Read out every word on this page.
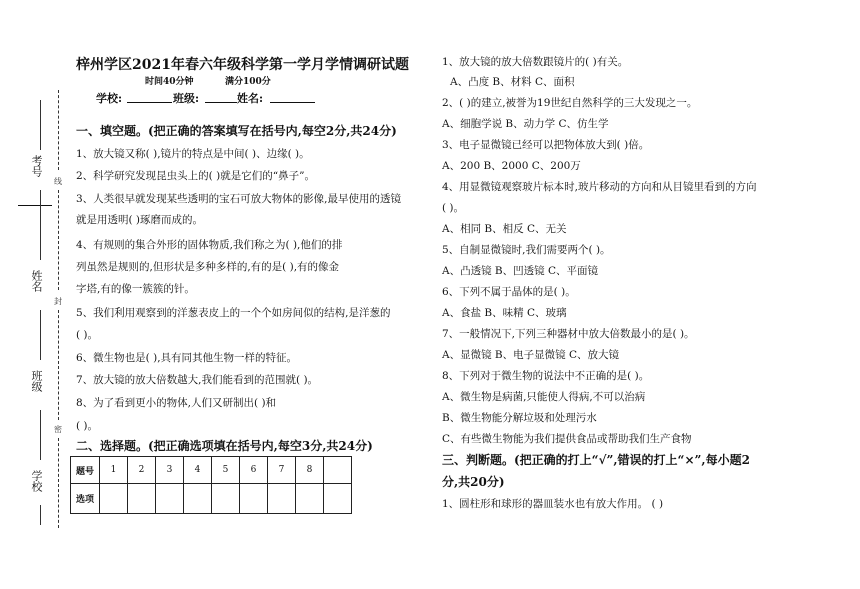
考号
姓名
班级
学校
线
封
密
梓州学区2021年春六年级科学第一学月学情调研试题
时间40分钟	满分100分
学校:	班级:	姓名:
一、填空题。(把正确的答案填写在括号内,每空2分,共24分)
1、放大镜又称( ),镜片的特点是中间( )、边缘( )。
2、科学研究发现昆虫头上的( )就是它们的“鼻子”。
3、人类很早就发现某些透明的宝石可放大物体的影像,最早使用的透镜
就是用透明( )琢磨而成的。
4、有规则的集合外形的固体物质,我们称之为( ),他们的排
列虽然是规则的,但形状是多种多样的,有的是( ),有的像金
字塔,有的像一簇簇的针。
5、我们利用观察到的洋葱表皮上的一个个如房间似的结构,是洋葱的
( )。
6、微生物也是( ),具有同其他生物一样的特征。
7、放大镜的放大倍数越大,我们能看到的范围就( )。
8、为了看到更小的物体,人们又研制出( )和
( )。
二、选择题。(把正确选项填在括号内,每空3分,共24分)
题号	1	2	3	4	5	6	7	8	
选项									
1、放大镜的放大倍数跟镜片的( )有关。
A、凸度 B、材料 C、面积
2、( )的建立,被誉为19世纪自然科学的三大发现之一。
A、细胞学说 B、动力学 C、仿生学
3、电子显微镜已经可以把物体放大到( )倍。
A、200 B、2000 C、200万
4、用显微镜观察玻片标本时,玻片移动的方向和从目镜里看到的方向
( )。
A、相同 B、相反 C、无关
5、自制显微镜时,我们需要两个( )。
A、凸透镜 B、凹透镜 C、平面镜
6、下列不属于晶体的是( )。
A、食盐 B、味精 C、玻璃
7、一般情况下,下列三种器材中放大倍数最小的是( )。
A、显微镜 B、电子显微镜 C、放大镜
8、下列对于微生物的说法中不正确的是( )。
A、微生物是病菌,只能使人得病,不可以治病
B、微生物能分解垃圾和处理污水
C、有些微生物能为我们提供食品或帮助我们生产食物
三、判断题。(把正确的打上“√”,错误的打上“×”,每小题2
分,共20分)
1、圆柱形和球形的器皿装水也有放大作用。 ( )
